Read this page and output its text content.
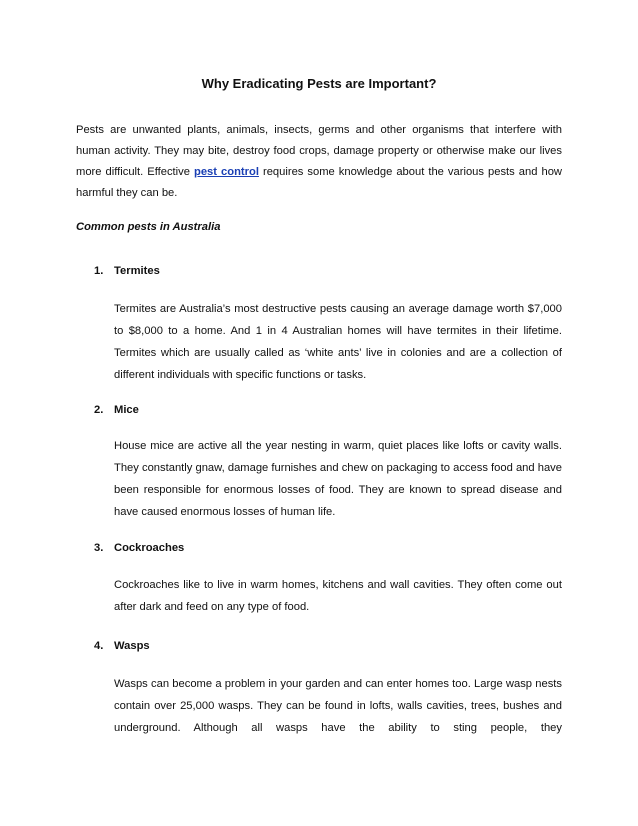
Why Eradicating Pests are Important?

Pests are unwanted plants, animals, insects, germs and other organisms that interfere with human activity. They may bite, destroy food crops, damage property or otherwise make our lives more difficult. Effective pest control requires some knowledge about the various pests and how harmful they can be.

Common pests in Australia
1. Termites

Termites are Australia’s most destructive pests causing an average damage worth $7,000 to $8,000 to a home. And 1 in 4 Australian homes will have termites in their lifetime. Termites which are usually called as ‘white ants’ live in colonies and are a collection of different individuals with specific functions or tasks.

2. Mice

House mice are active all the year nesting in warm, quiet places like lofts or cavity walls. They constantly gnaw, damage furnishes and chew on packaging to access food and have been responsible for enormous losses of food. They are known to spread disease and have caused enormous losses of human life.

3. Cockroaches

Cockroaches like to live in warm homes, kitchens and wall cavities. They often come out after dark and feed on any type of food.

4. Wasps

Wasps can become a problem in your garden and can enter homes too. Large wasp nests contain over 25,000 wasps. They can be found in lofts, walls cavities, trees, bushes and underground. Although all wasps have the ability to sting people, they
